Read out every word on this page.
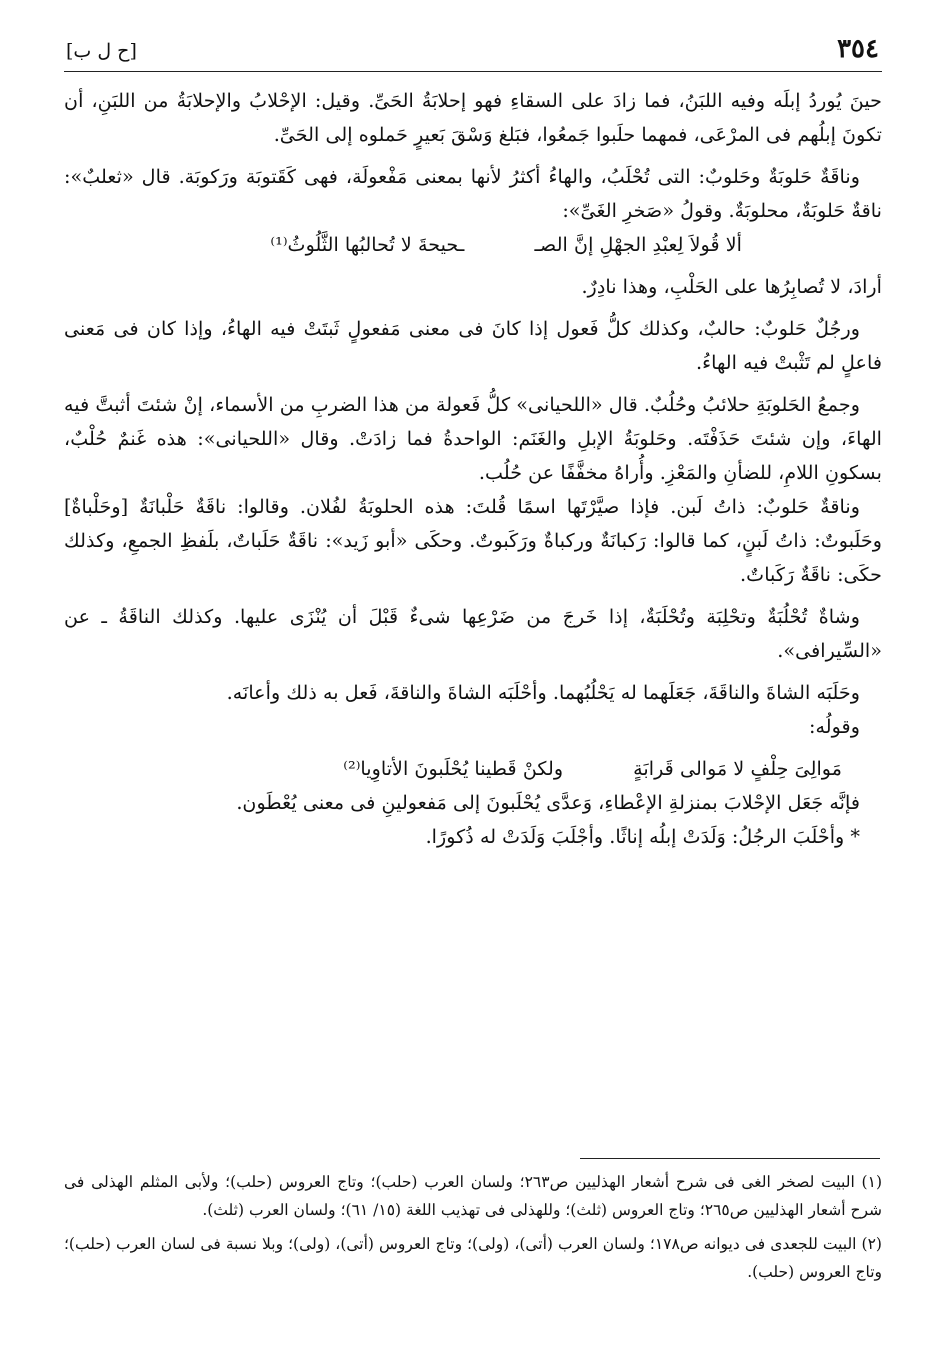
٣٥٤
[ح ل ب]

حينَ يُوردُ إبلَه وفيه اللبَنُ، فما زادَ على السقاءِ فهو إحلابَةُ الحَىِّ. وقيل: الإحْلابُ والإحلابَةُ من اللبَنِ، أن تكونَ إبلُهم فى المرْعَى، فمهما حلَبوا جَمعُوا، فبَلغ وَسْقَ بَعيرٍ حَملوه إلى الحَىِّ.

وناقَةٌ حَلوبَةٌ وحَلوبٌ: التى تُحْلَبُ، والهاءُ أكثرُ لأنها بمعنى مَفْعولَة، فهى كَقَتوبَة ورَكوبَة. قال «ثعلبٌ»: ناقةٌ حَلوبَةٌ، محلوبَةٌ. وقولُ «صَخرِ الغَىِّ»:

ألا قُولاَ لِعبْدِ الجهْلِ إنَّ الصـ
ـحيحةَ لا تُحالبُها الثَّلُوثُ⁽¹⁾

أرادَ، لا تُصابِرُها على الحَلْبِ، وهذا نادِرٌ.

ورجُلٌ حَلوبٌ: حالبٌ، وكذلك كلُّ فَعول إذا كانَ فى معنى مَفعولٍ ثَبتَتْ فيه الهاءُ، وإذا كان فى مَعنى فاعلٍ لم تَثْبتْ فيه الهاءُ.

وجمعُ الحَلوبَةِ حلائبُ وحُلُبٌ. قال «اللحيانى» كلُّ فَعولة من هذا الضربِ من الأسماء، إنْ شئتَ أثبتَّ فيه الهاءَ، وإن شئتَ حَذَفْتَه. وحَلوبَةُ الإبلِ والغَنَم: الواحدةُ فما زادَتْ. وقال «اللحيانى»: هذه غَنمٌ حُلْبٌ، بسكونِ اللامِ، للضأنِ والمَعْزِ. وأُراهُ مخفَّفًا عن حُلُب.

وناقةٌ حَلوبٌ: ذاتُ لَبن. فإذا صيَّرْتَها اسمًا قُلتَ: هذه الحلوبَةُ لفُلان. وقالوا: ناقَةٌ حَلْبانَةٌ [وحَلْباةٌ] وحَلَبوتٌ: ذاتُ لَبنٍ، كما قالوا: رَكبانَةٌ وركباةٌ ورَكَبوتٌ. وحكَى «أبو زَيد»: ناقَةٌ حَلَباتٌ، بلَفظِ الجمعِ، وكذلك حكَى: ناقَةٌ رَكَباتٌ.

وشاةٌ تُحْلُبَةٌ وتحْلِبَة وتُحْلَبَةٌ، إذا خَرجَ من ضَرْعِها شىءٌ قَبْلَ أن يُنْزَى عليها. وكذلك الناقَةُ ـ عن «السِّيرافى».

وحَلَبَه الشاةَ والناقَةَ، جَعَلَهما له يَحْلُبُهما. وأحْلَبَه الشاةَ والناقةَ، فَعل به ذلك وأعانَه.

وقولُه:

مَوالِىَ حِلْفٍ لا مَوالى قَرابَةٍ
ولكنْ قَطينا يُحْلَبونَ الأتاوِيا⁽²⁾

فإنَّه جَعَل الإحْلابَ بمنزلةِ الإعْطاءِ، وَعدَّى يُحْلَبونَ إلى مَفعولينِ فى معنى يُعْطَون.

* وأحْلَبَ الرجُلُ: وَلَدَتْ إبلُه إناثًا. وأجْلَبَ وَلَدَتْ له ذُكورًا.

(١) البيت لصخر الغى فى شرح أشعار الهذليين ص٢٦٣؛ ولسان العرب (حلب)؛ وتاج العروس (حلب)؛ ولأبى المثلم الهذلى فى شرح أشعار الهذليين ص٢٦٥؛ وتاج العروس (ثلث)؛ وللهذلى فى تهذيب اللغة (١٥/ ٦١)؛ ولسان العرب (ثلث).

(٢) البيت للجعدى فى ديوانه ص١٧٨؛ ولسان العرب (أتى)، (ولى)؛ وتاج العروس (أتى)، (ولى)؛ وبلا نسبة فى لسان العرب (حلب)؛ وتاج العروس (حلب).
